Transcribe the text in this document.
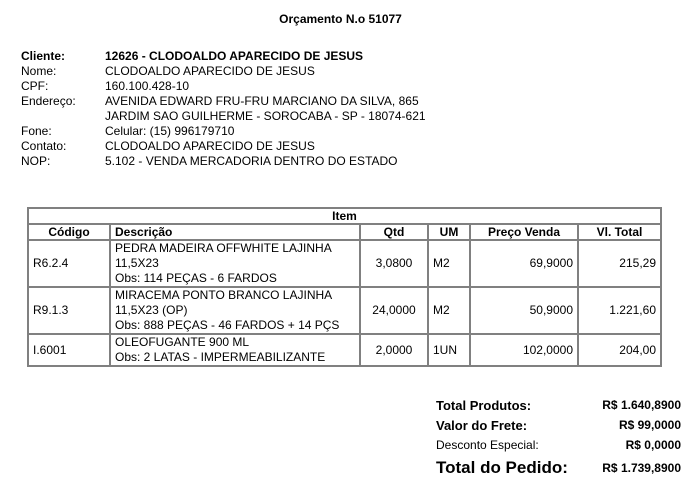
Orçamento N.o 51077
Cliente:	12626 - CLODOALDO APARECIDO DE JESUS
Nome:	CLODOALDO APARECIDO DE JESUS
CPF:	160.100.428-10
Endereço:	AVENIDA EDWARD FRU-FRU MARCIANO DA SILVA, 865
	JARDIM SAO GUILHERME - SOROCABA - SP - 18074-621
Fone:	Celular: (15) 996179710
Contato:	CLODOALDO APARECIDO DE JESUS
NOP:	5.102 - VENDA MERCADORIA DENTRO DO ESTADO
Item					
Código	Descrição	Qtd	UM	Preço Venda	Vl. Total
R6.2.4	PEDRA MADEIRA OFFWHITE LAJINHA
11,5X23
Obs: 114 PEÇAS - 6 FARDOS	3,0800	M2	69,9000	215,29
R9.1.3	MIRACEMA PONTO BRANCO LAJINHA
11,5X23 (OP)
Obs: 888 PEÇAS - 46 FARDOS + 14 PÇS	24,0000	M2	50,9000	1.221,60
I.6001	OLEOFUGANTE 900 ML
Obs: 2 LATAS - IMPERMEABILIZANTE	2,0000	1UN	102,0000	204,00
Total Produtos:	R$ 1.640,8900
Valor do Frete:	R$ 99,0000
Desconto Especial:	R$ 0,0000
Total do Pedido:	R$ 1.739,8900
